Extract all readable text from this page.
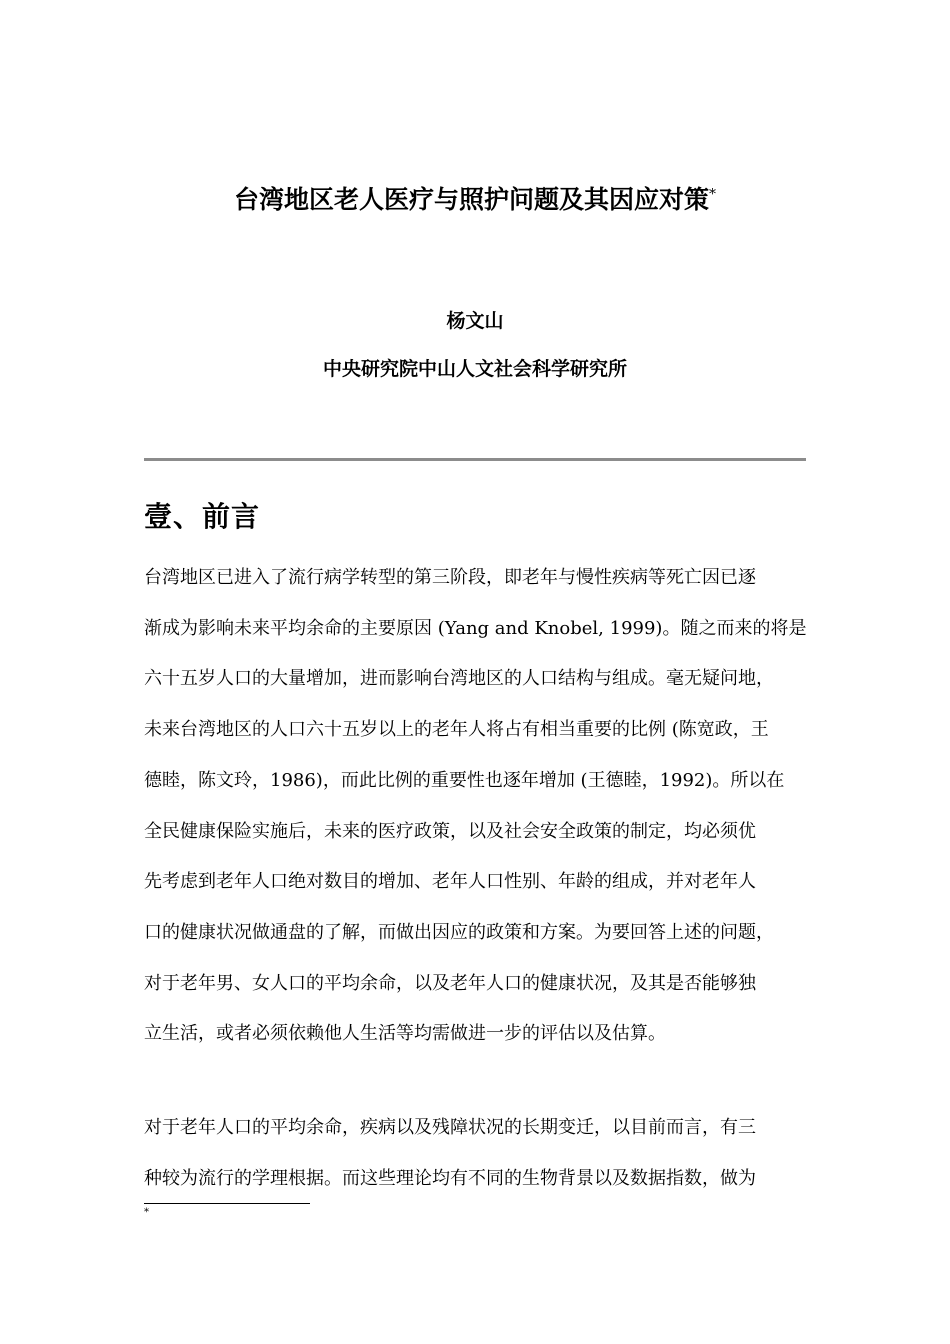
台湾地区老人医疗与照护问题及其因应对策*
杨文山
中央研究院中山人文社会科学研究所
壹、前言
台湾地区已进入了流行病学转型的第三阶段，即老年与慢性疾病等死亡因已逐
渐成为影响未来平均余命的主要原因 (Yang and Knobel, 1999)。随之而来的将是
六十五岁人口的大量增加，进而影响台湾地区的人口结构与组成。毫无疑问地，
未来台湾地区的人口六十五岁以上的老年人将占有相当重要的比例 (陈宽政，王
德睦，陈文玲，1986)，而此比例的重要性也逐年增加 (王德睦，1992)。所以在
全民健康保险实施后，未来的医疗政策，以及社会安全政策的制定，均必须优
先考虑到老年人口绝对数目的增加、老年人口性别、年龄的组成，并对老年人
口的健康状况做通盘的了解，而做出因应的政策和方案。为要回答上述的问题，
对于老年男、女人口的平均余命，以及老年人口的健康状况，及其是否能够独
立生活，或者必须依赖他人生活等均需做进一步的评估以及估算。
对于老年人口的平均余命，疾病以及残障状况的长期变迁，以目前而言，有三
种较为流行的学理根据。而这些理论均有不同的生物背景以及数据指数，做为
*
